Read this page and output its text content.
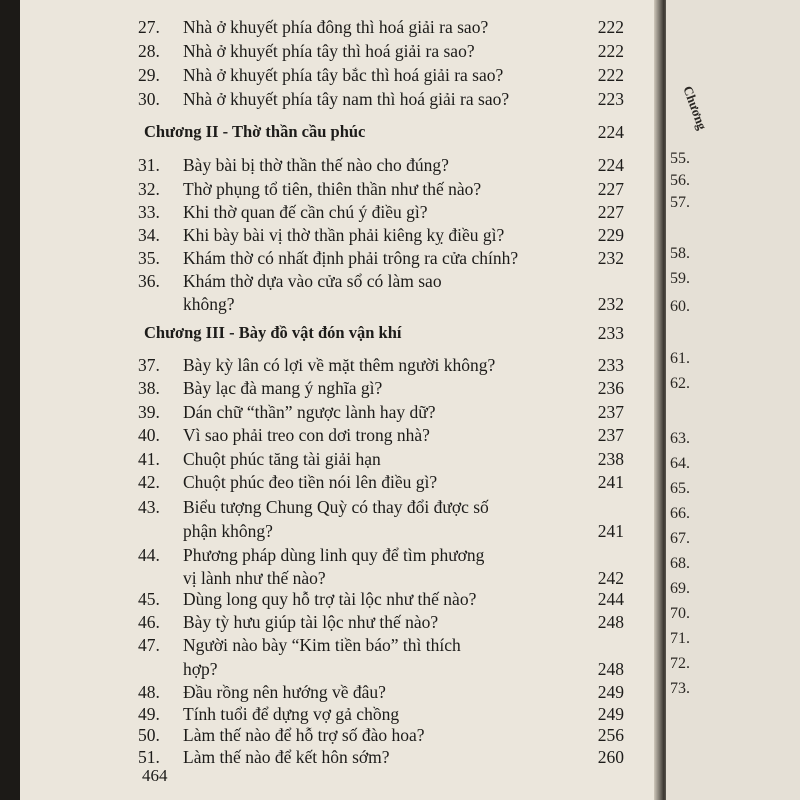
Chương
55.
56.
57.
58.
59.
60.
61.
62.
63.
64.
65.
66.
67.
68.
69.
70.
71.
72.
73.
27.	Nhà ở khuyết phía đông thì hoá giải ra sao?	222
28.	Nhà ở khuyết phía tây thì hoá giải ra sao?	222
29.	Nhà ở khuyết phía tây bắc thì hoá giải ra sao?	222
30.	Nhà ở khuyết phía tây nam thì hoá giải ra sao?	223
Chương II - Thờ thần cầu phúc	224
31.	Bày bài bị thờ thần thế nào cho đúng?	224
32.	Thờ phụng tổ tiên, thiên thần như thế nào?	227
33.	Khi thờ quan đế cần chú ý điều gì?	227
34.	Khi bày bài vị thờ thần phải kiêng kỵ điều gì?	229
35.	Khám thờ có nhất định phải trông ra cửa chính?	232
36.	Khám thờ dựa vào cửa sổ có làm sao
không?	232
Chương III - Bày đồ vật đón vận khí	233
37.	Bày kỳ lân có lợi về mặt thêm người không?	233
38.	Bày lạc đà mang ý nghĩa gì?	236
39.	Dán chữ “thần” ngược lành hay dữ?	237
40.	Vì sao phải treo con dơi trong nhà?	237
41.	Chuột phúc tăng tài giải hạn	238
42.	Chuột phúc đeo tiền nói lên điều gì?	241
43.	Biểu tượng Chung Quỳ có thay đổi được số
phận không?	241
44.	Phương pháp dùng linh quy để tìm phương
vị lành như thế nào?	242
45.	Dùng long quy hỗ trợ tài lộc như thế nào?	244
46.	Bày tỳ hưu giúp tài lộc như thế nào?	248
47.	Người nào bày “Kim tiền báo” thì thích
hợp?	248
48.	Đầu rồng nên hướng về đâu?	249
49.	Tính tuổi để dựng vợ gả chồng	249
50.	Làm thế nào để hỗ trợ số đào hoa?	256
51.	Làm thế nào để kết hôn sớm?	260
464
